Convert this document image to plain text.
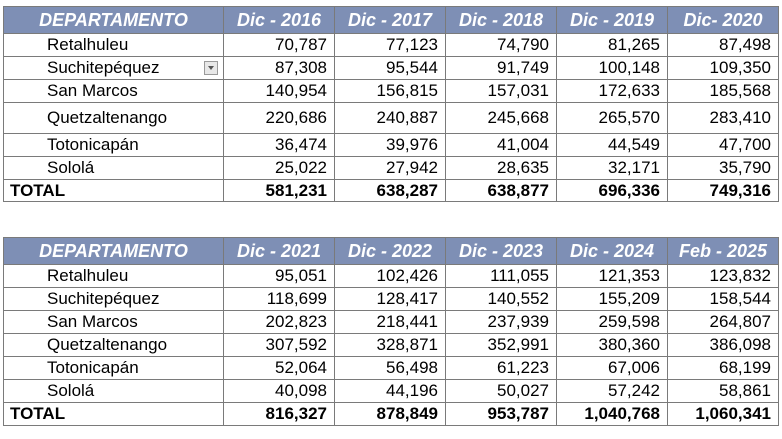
DEPARTAMENTO	Dic - 2016	Dic - 2017	Dic - 2018	Dic - 2019	Dic- 2020
Retalhuleu	70,787	77,123	74,790	81,265	87,498

Suchitepéquez	87,308	95,544	91,749	100,148	109,350
San Marcos	140,954	156,815	157,031	172,633	185,568
Quetzaltenango	220,686	240,887	245,668	265,570	283,410
Totonicapán	36,474	39,976	41,004	44,549	47,700
Sololá	25,022	27,942	28,635	32,171	35,790
TOTAL	581,231	638,287	638,877	696,336	749,316
DEPARTAMENTO	Dic - 2021	Dic - 2022	Dic - 2023	Dic - 2024	Feb - 2025
Retalhuleu	95,051	102,426	111,055	121,353	123,832
Suchitepéquez	118,699	128,417	140,552	155,209	158,544
San Marcos	202,823	218,441	237,939	259,598	264,807
Quetzaltenango	307,592	328,871	352,991	380,360	386,098
Totonicapán	52,064	56,498	61,223	67,006	68,199
Sololá	40,098	44,196	50,027	57,242	58,861
TOTAL	816,327	878,849	953,787	1,040,768	1,060,341
